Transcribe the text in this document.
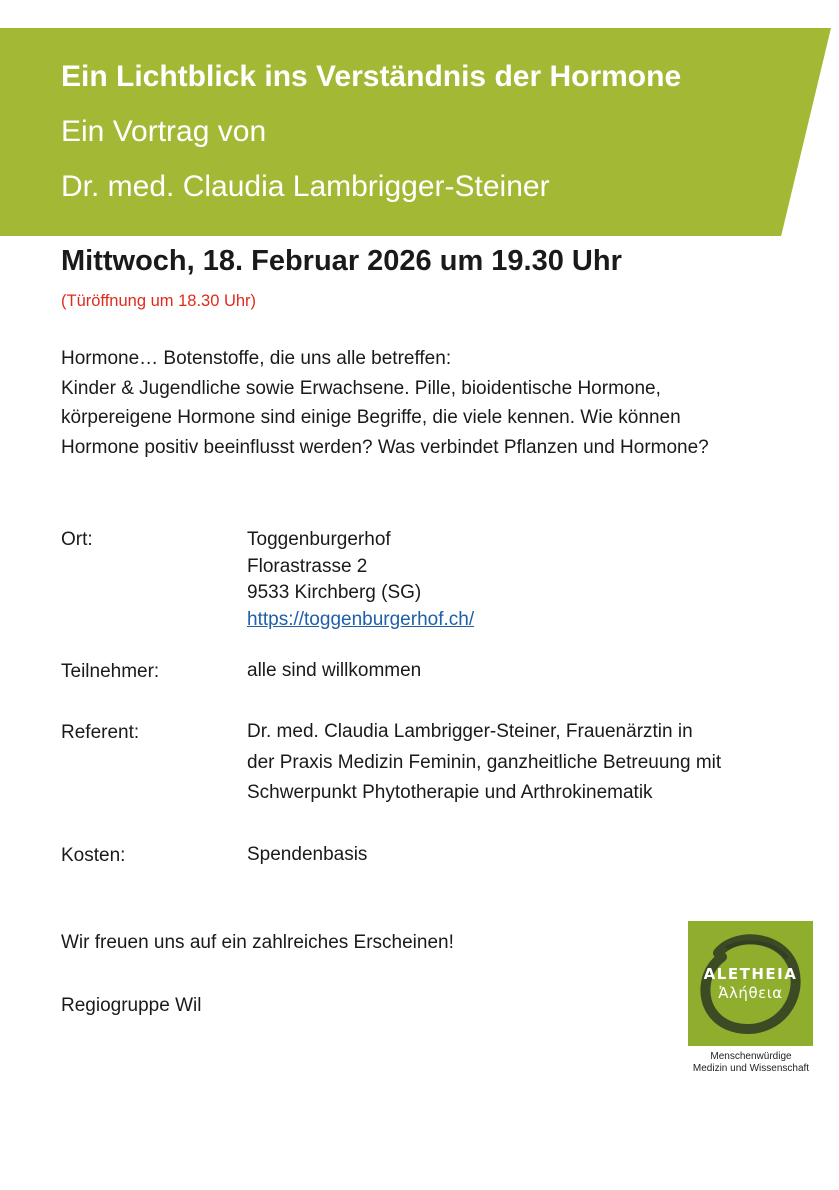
Ein Lichtblick ins Verständnis der Hormone
Ein Vortrag von
Dr. med. Claudia Lambrigger-Steiner
Mittwoch, 18. Februar 2026 um 19.30 Uhr
(Türöffnung um 18.30 Uhr)
Hormone… Botenstoffe, die uns alle betreffen:
Kinder & Jugendliche sowie Erwachsene. Pille, bioidentische Hormone,
körpereigene Hormone sind einige Begriffe, die viele kennen. Wie können
Hormone positiv beeinflusst werden? Was verbindet Pflanzen und Hormone?
Ort:	Toggenburgerhof
Florastrasse 2
9533 Kirchberg (SG)
https://toggenburgerhof.ch/
Teilnehmer:	alle sind willkommen
Referent:	Dr. med. Claudia Lambrigger-Steiner, Frauenärztin in
der Praxis Medizin Feminin, ganzheitliche Betreuung mit
Schwerpunkt Phytotherapie und Arthrokinematik
Kosten:	Spendenbasis
Wir freuen uns auf ein zahlreiches Erscheinen!
Regiogruppe Wil
ALETHEIA
Ἀλήθεια
Menschenwürdige
Medizin und Wissenschaft
